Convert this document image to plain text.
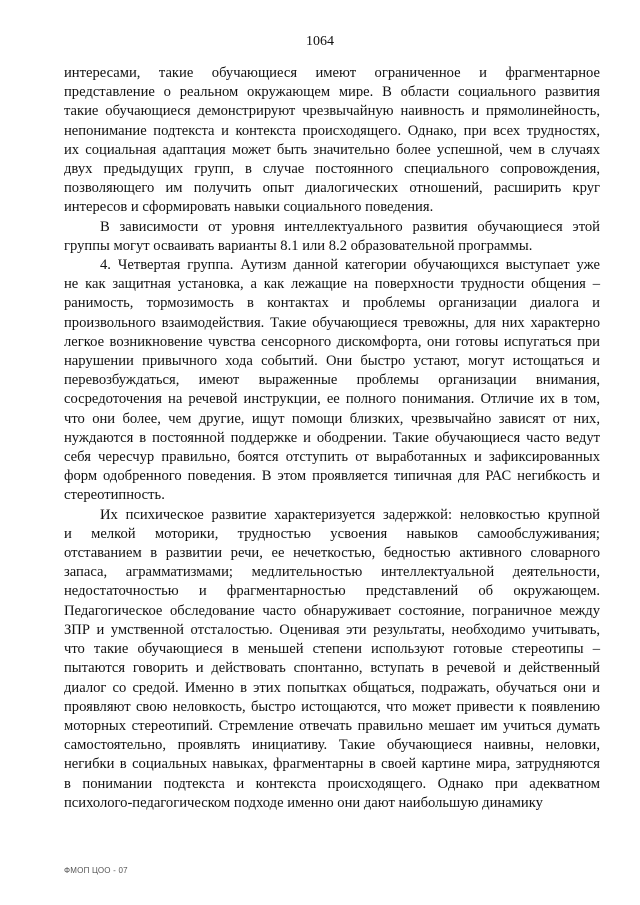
1064
интересами, такие обучающиеся имеют ограниченное и фрагментарное
представление о реальном окружающем мире. В области социального развития
такие обучающиеся демонстрируют чрезвычайную наивность и прямолинейность,
непонимание подтекста и контекста происходящего. Однако, при всех трудностях,
их социальная адаптация может быть значительно более успешной, чем в случаях
двух предыдущих групп, в случае постоянного специального сопровождения,
позволяющего им получить опыт диалогических отношений, расширить круг
интересов и сформировать навыки социального поведения.
В зависимости от уровня интеллектуального развития обучающиеся этой
группы могут осваивать варианты 8.1 или 8.2 образовательной программы.
4. Четвертая группа. Аутизм данной категории обучающихся выступает уже
не как защитная установка, а как лежащие на поверхности трудности общения –
ранимость, тормозимость в контактах и проблемы организации диалога и
произвольного взаимодействия. Такие обучающиеся тревожны, для них характерно
легкое возникновение чувства сенсорного дискомфорта, они готовы испугаться при
нарушении привычного хода событий. Они быстро устают, могут истощаться и
перевозбуждаться, имеют выраженные проблемы организации внимания,
сосредоточения на речевой инструкции, ее полного понимания. Отличие их в том,
что они более, чем другие, ищут помощи близких, чрезвычайно зависят от них,
нуждаются в постоянной поддержке и ободрении. Такие обучающиеся часто ведут
себя чересчур правильно, боятся отступить от выработанных и зафиксированных
форм одобренного поведения. В этом проявляется типичная для РАС негибкость и
стереотипность.
Их психическое развитие характеризуется задержкой: неловкостью крупной
и мелкой моторики, трудностью усвоения навыков самообслуживания;
отставанием в развитии речи, ее нечеткостью, бедностью активного словарного
запаса, аграмматизмами; медлительностью интеллектуальной деятельности,
недостаточностью и фрагментарностью представлений об окружающем.
Педагогическое обследование часто обнаруживает состояние, пограничное между
ЗПР и умственной отсталостью. Оценивая эти результаты, необходимо учитывать,
что такие обучающиеся в меньшей степени используют готовые стереотипы –
пытаются говорить и действовать спонтанно, вступать в речевой и действенный
диалог со средой. Именно в этих попытках общаться, подражать, обучаться они и
проявляют свою неловкость, быстро истощаются, что может привести к появлению
моторных стереотипий. Стремление отвечать правильно мешает им учиться думать
самостоятельно, проявлять инициативу. Такие обучающиеся наивны, неловки,
негибки в социальных навыках, фрагментарны в своей картине мира, затрудняются
в понимании подтекста и контекста происходящего. Однако при адекватном
психолого-педагогическом подходе именно они дают наибольшую динамику
ФМОП ЦОО - 07
